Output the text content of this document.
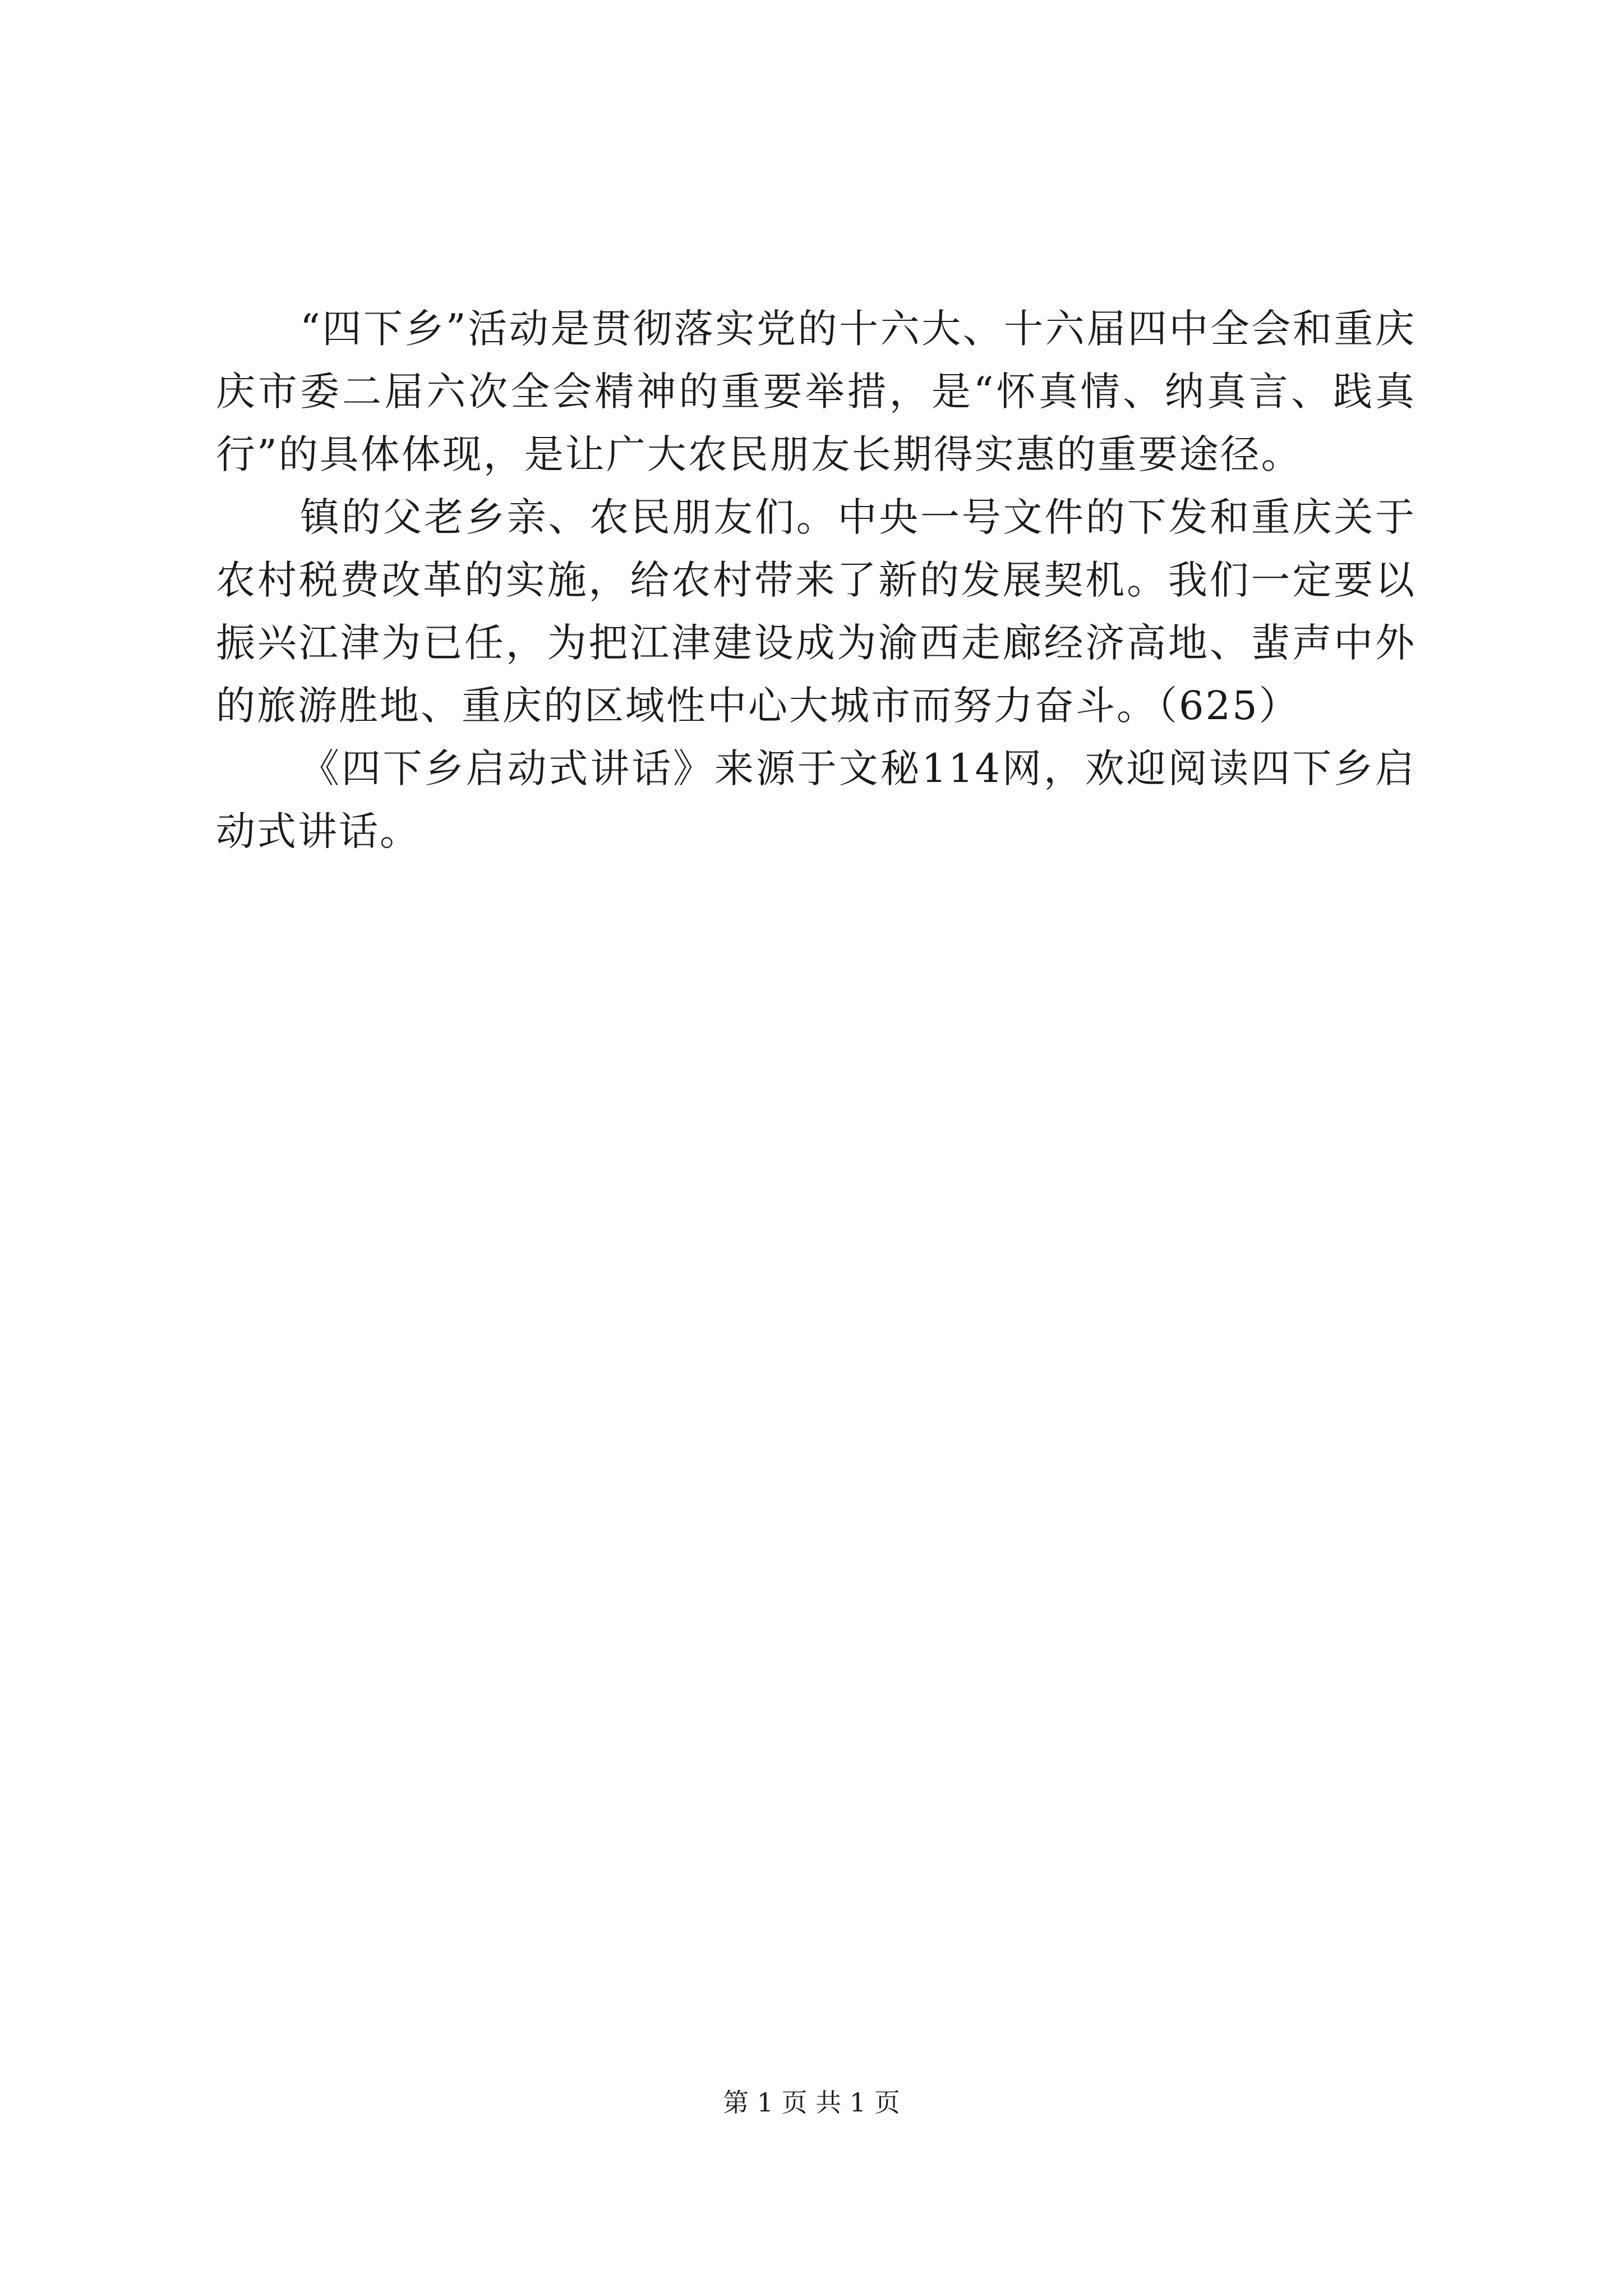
“四下乡”活动是贯彻落实党的十六大、十六届四中全会和重庆庆市委二届六次全会精神的重要举措，是“怀真情、纳真言、践真行”的具体体现，是让广大农民朋友长期得实惠的重要途径。

镇的父老乡亲、农民朋友们。中央一号文件的下发和重庆关于农村税费改革的实施，给农村带来了新的发展契机。我们一定要以振兴江津为已任，为把江津建设成为渝西走廊经济高地、蜚声中外的旅游胜地、重庆的区域性中心大城市而努力奋斗。（625）

《四下乡启动式讲话》来源于文秘114网，欢迎阅读四下乡启动式讲话。

第 1 页 共 1 页
